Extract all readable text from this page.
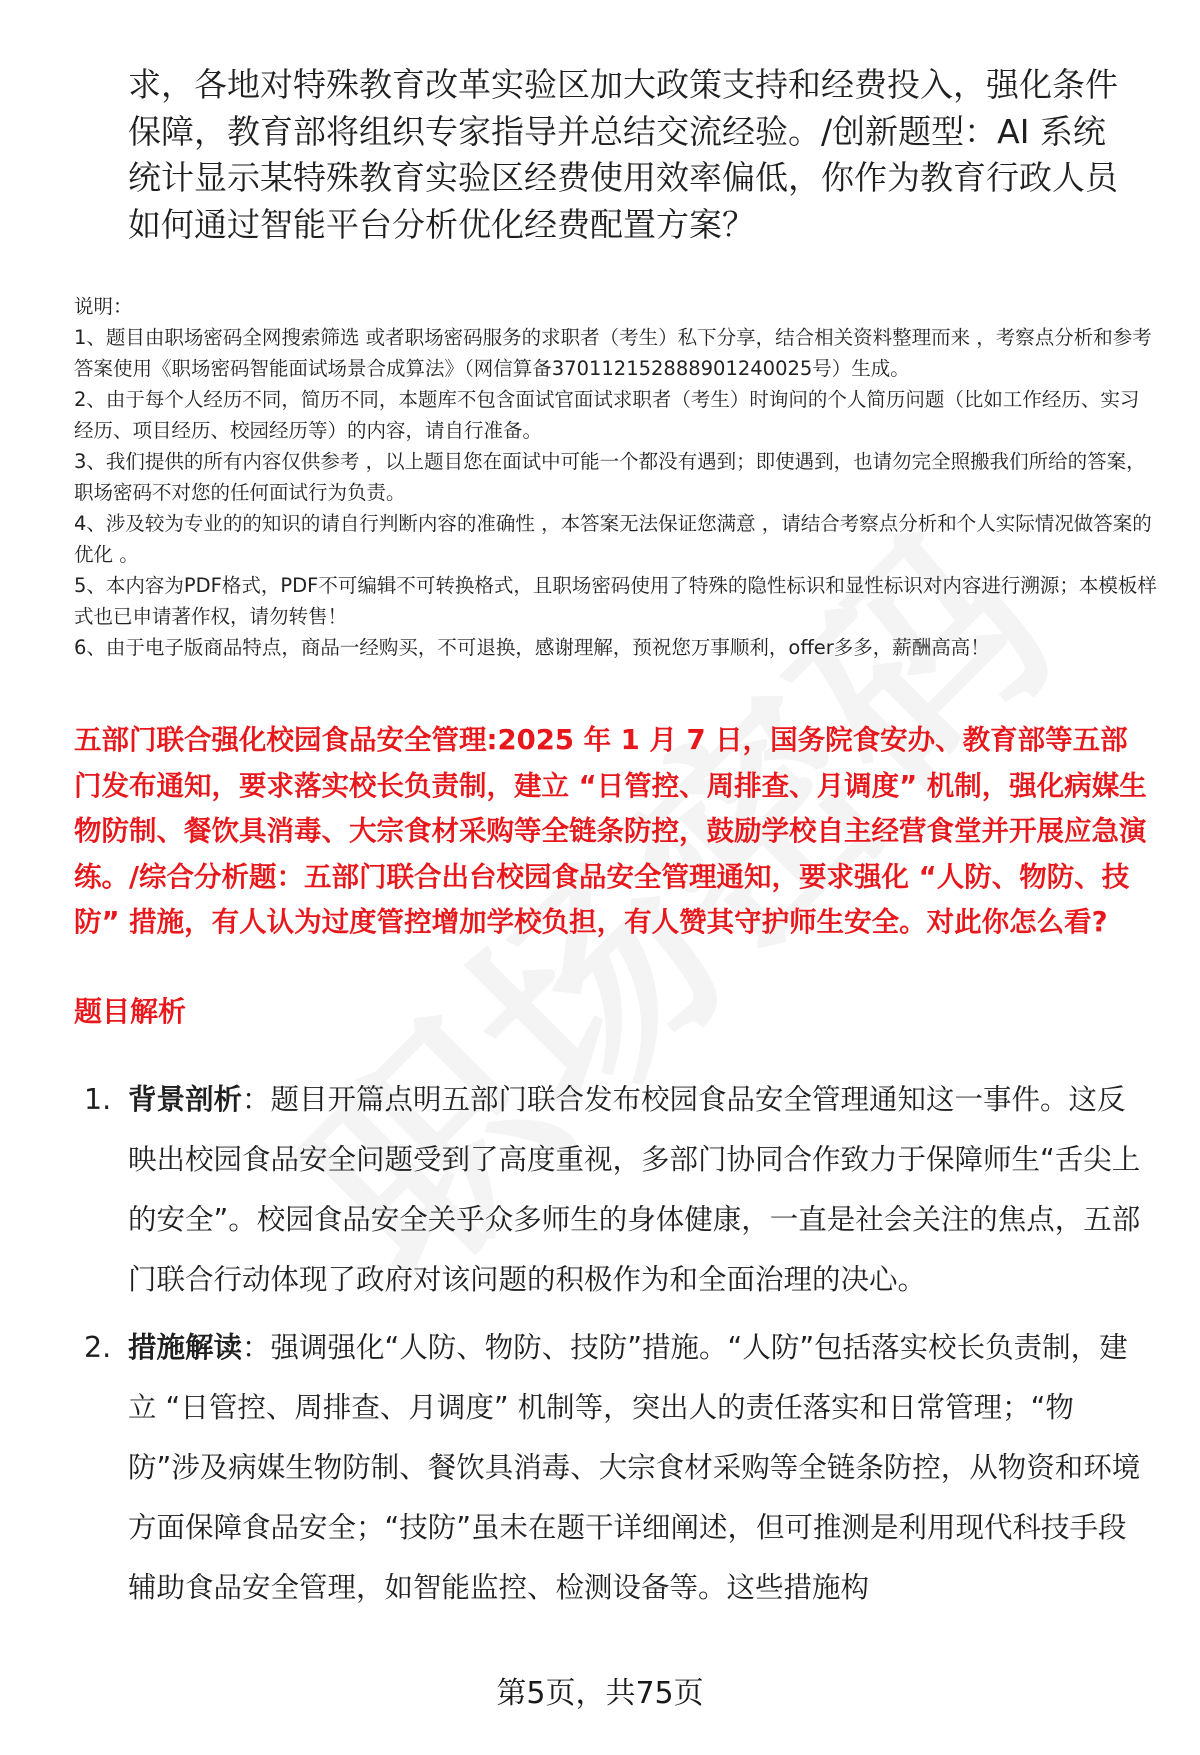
求，各地对特殊教育改革实验区加大政策支持和经费投入，强化条件保障，教育部将组织专家指导并总结交流经验。/创新题型：AI 系统统计显示某特殊教育实验区经费使用效率偏低，你作为教育行政人员如何通过智能平台分析优化经费配置方案？

说明：

1、题目由职场密码全网搜索筛选 或者职场密码服务的求职者（考生）私下分享，结合相关资料整理而来 ，考察点分析和参考答案使用《职场密码智能面试场景合成算法》（网信算备370112152888901240025号）生成。

2、由于每个人经历不同，简历不同，本题库不包含面试官面试求职者（考生）时询问的个人简历问题（比如工作经历、实习经历、项目经历、校园经历等）的内容，请自行准备。

3、我们提供的所有内容仅供参考 ，以上题目您在面试中可能一个都没有遇到；即使遇到，也请勿完全照搬我们所给的答案，职场密码不对您的任何面试行为负责。

4、涉及较为专业的的知识的请自行判断内容的准确性 ，本答案无法保证您满意 ，请结合考察点分析和个人实际情况做答案的优化 。

5、本内容为PDF格式，PDF不可编辑不可转换格式，且职场密码使用了特殊的隐性标识和显性标识对内容进行溯源；本模板样式也已申请著作权，请勿转售！

6、由于电子版商品特点，商品一经购买，不可退换，感谢理解，预祝您万事顺利，offer多多，薪酬高高！

五部门联合强化校园食品安全管理:2025 年 1 月 7 日，国务院食安办、教育部等五部门发布通知，要求落实校长负责制，建立 “日管控、周排查、月调度” 机制，强化病媒生物防制、餐饮具消毒、大宗食材采购等全链条防控，鼓励学校自主经营食堂并开展应急演练。/综合分析题：五部门联合出台校园食品安全管理通知，要求强化 “人防、物防、技防” 措施，有人认为过度管控增加学校负担，有人赞其守护师生安全。对此你怎么看?

题目解析
1. 背景剖析：题目开篇点明五部门联合发布校园食品安全管理通知这一事件。这反映出校园食品安全问题受到了高度重视，多部门协同合作致力于保障师生“舌尖上的安全”。校园食品安全关乎众多师生的身体健康，一直是社会关注的焦点，五部门联合行动体现了政府对该问题的积极作为和全面治理的决心。
2. 措施解读：强调强化“人防、物防、技防”措施。“人防”包括落实校长负责制，建立 “日管控、周排查、月调度” 机制等，突出人的责任落实和日常管理；“物防”涉及病媒生物防制、餐饮具消毒、大宗食材采购等全链条防控，从物资和环境方面保障食品安全；“技防”虽未在题干详细阐述，但可推测是利用现代科技手段辅助食品安全管理，如智能监控、检测设备等。这些措施构

第5页，共75页
